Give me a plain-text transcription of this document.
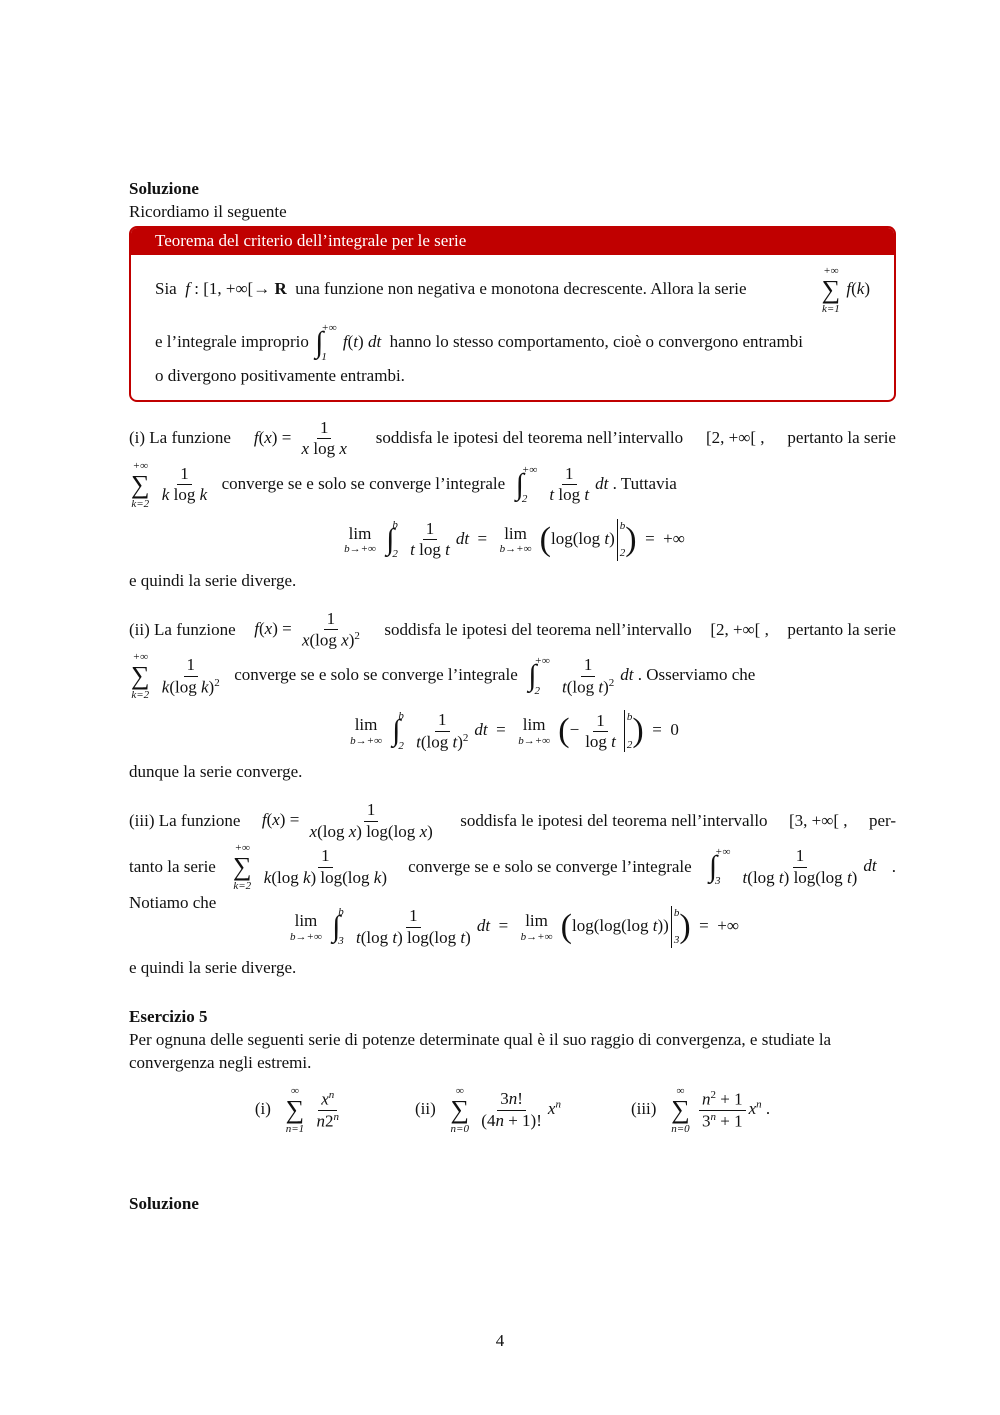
Soluzione

Ricordiamo il seguente

Teorema del criterio dell’integrale per le serie
Sia f : [1, +∞[→ R una funzione non negativa e monotona decrescente. Allora la serie
+∞
∑
k=1
f(k)
e l’integrale improprio ∫
+∞
1
f(t) dt hanno lo stesso comportamento, cioè o convergono entrambi
o divergono positivamente entrambi.
(i) La funzione $f(x) = \frac{1}{\text{x log x}}$ soddisfa le ipotesi del teorema nell’intervallo [2, +∞[ , pertanto la serie
+∞
∑
k=2
$\frac{1}{\text{k log k}}$ converge se e solo se converge l’integrale ∫
+∞
2
	$\frac{1}{\text{t log t}}$ dt . Tuttavia
lim
b→+∞
∫
b
2
$\frac{1}{\text{t log t}}$ dt  = lim
b→+∞ (log(log t)
b
2 )  =  +∞

e quindi la serie diverge.

(ii) La funzione $f(x) = \frac{1}{x(\log x)^2}$ soddisfa le ipotesi del teorema nell’intervallo [2, +∞[ , pertanto la serie
+∞
∑
k=2
$\frac{1}{k(\log k)^2}$ converge se e solo se converge l’integrale ∫
+∞
2
	$\frac{1}{t(\log t)^2}$ dt . Osserviamo che
lim
b→+∞
∫
b
2
$\frac{1}{t(\log t)^2}$ dt  = lim
b→+∞ (− $\frac{1}{\text{log t}}$ b
2 )  =  0

dunque la serie converge.

(iii) La funzione $f(x) = \frac{1}{\text{x(log x) log(log x)}}$ soddisfa le ipotesi del teorema nell’intervallo [3, +∞[ , per-
tanto la serie
+∞
∑
k=2
$\frac{1}{\text{k(log k) log(log k)}}$ converge se e solo se converge l’integrale ∫
+∞
3
	$\frac{1}{\text{t(log t) log(log t)}}$ dt .

Notiamo che

lim
b→+∞
∫
b
3
$\frac{1}{\text{t(log t) log(log t)}}$ dt  = lim
b→+∞ (log(log(log t))
b
3 )  =  +∞

e quindi la serie diverge.

Esercizio 5

Per ognuna delle seguenti serie di potenze determinate qual è il suo raggio di convergenza, e studiate la convergenza negli estremi.

(i)
∞
∑
n=1
$\frac{x^n}{n2^n}$	(ii)
∞
∑
n=0
$\frac{3n!}{(4n + 1)!} x^n$	(iii)
∞
∑
n=0
$\frac{n^2 + 1}{3^n + 1} x^n$ .

Soluzione

4
